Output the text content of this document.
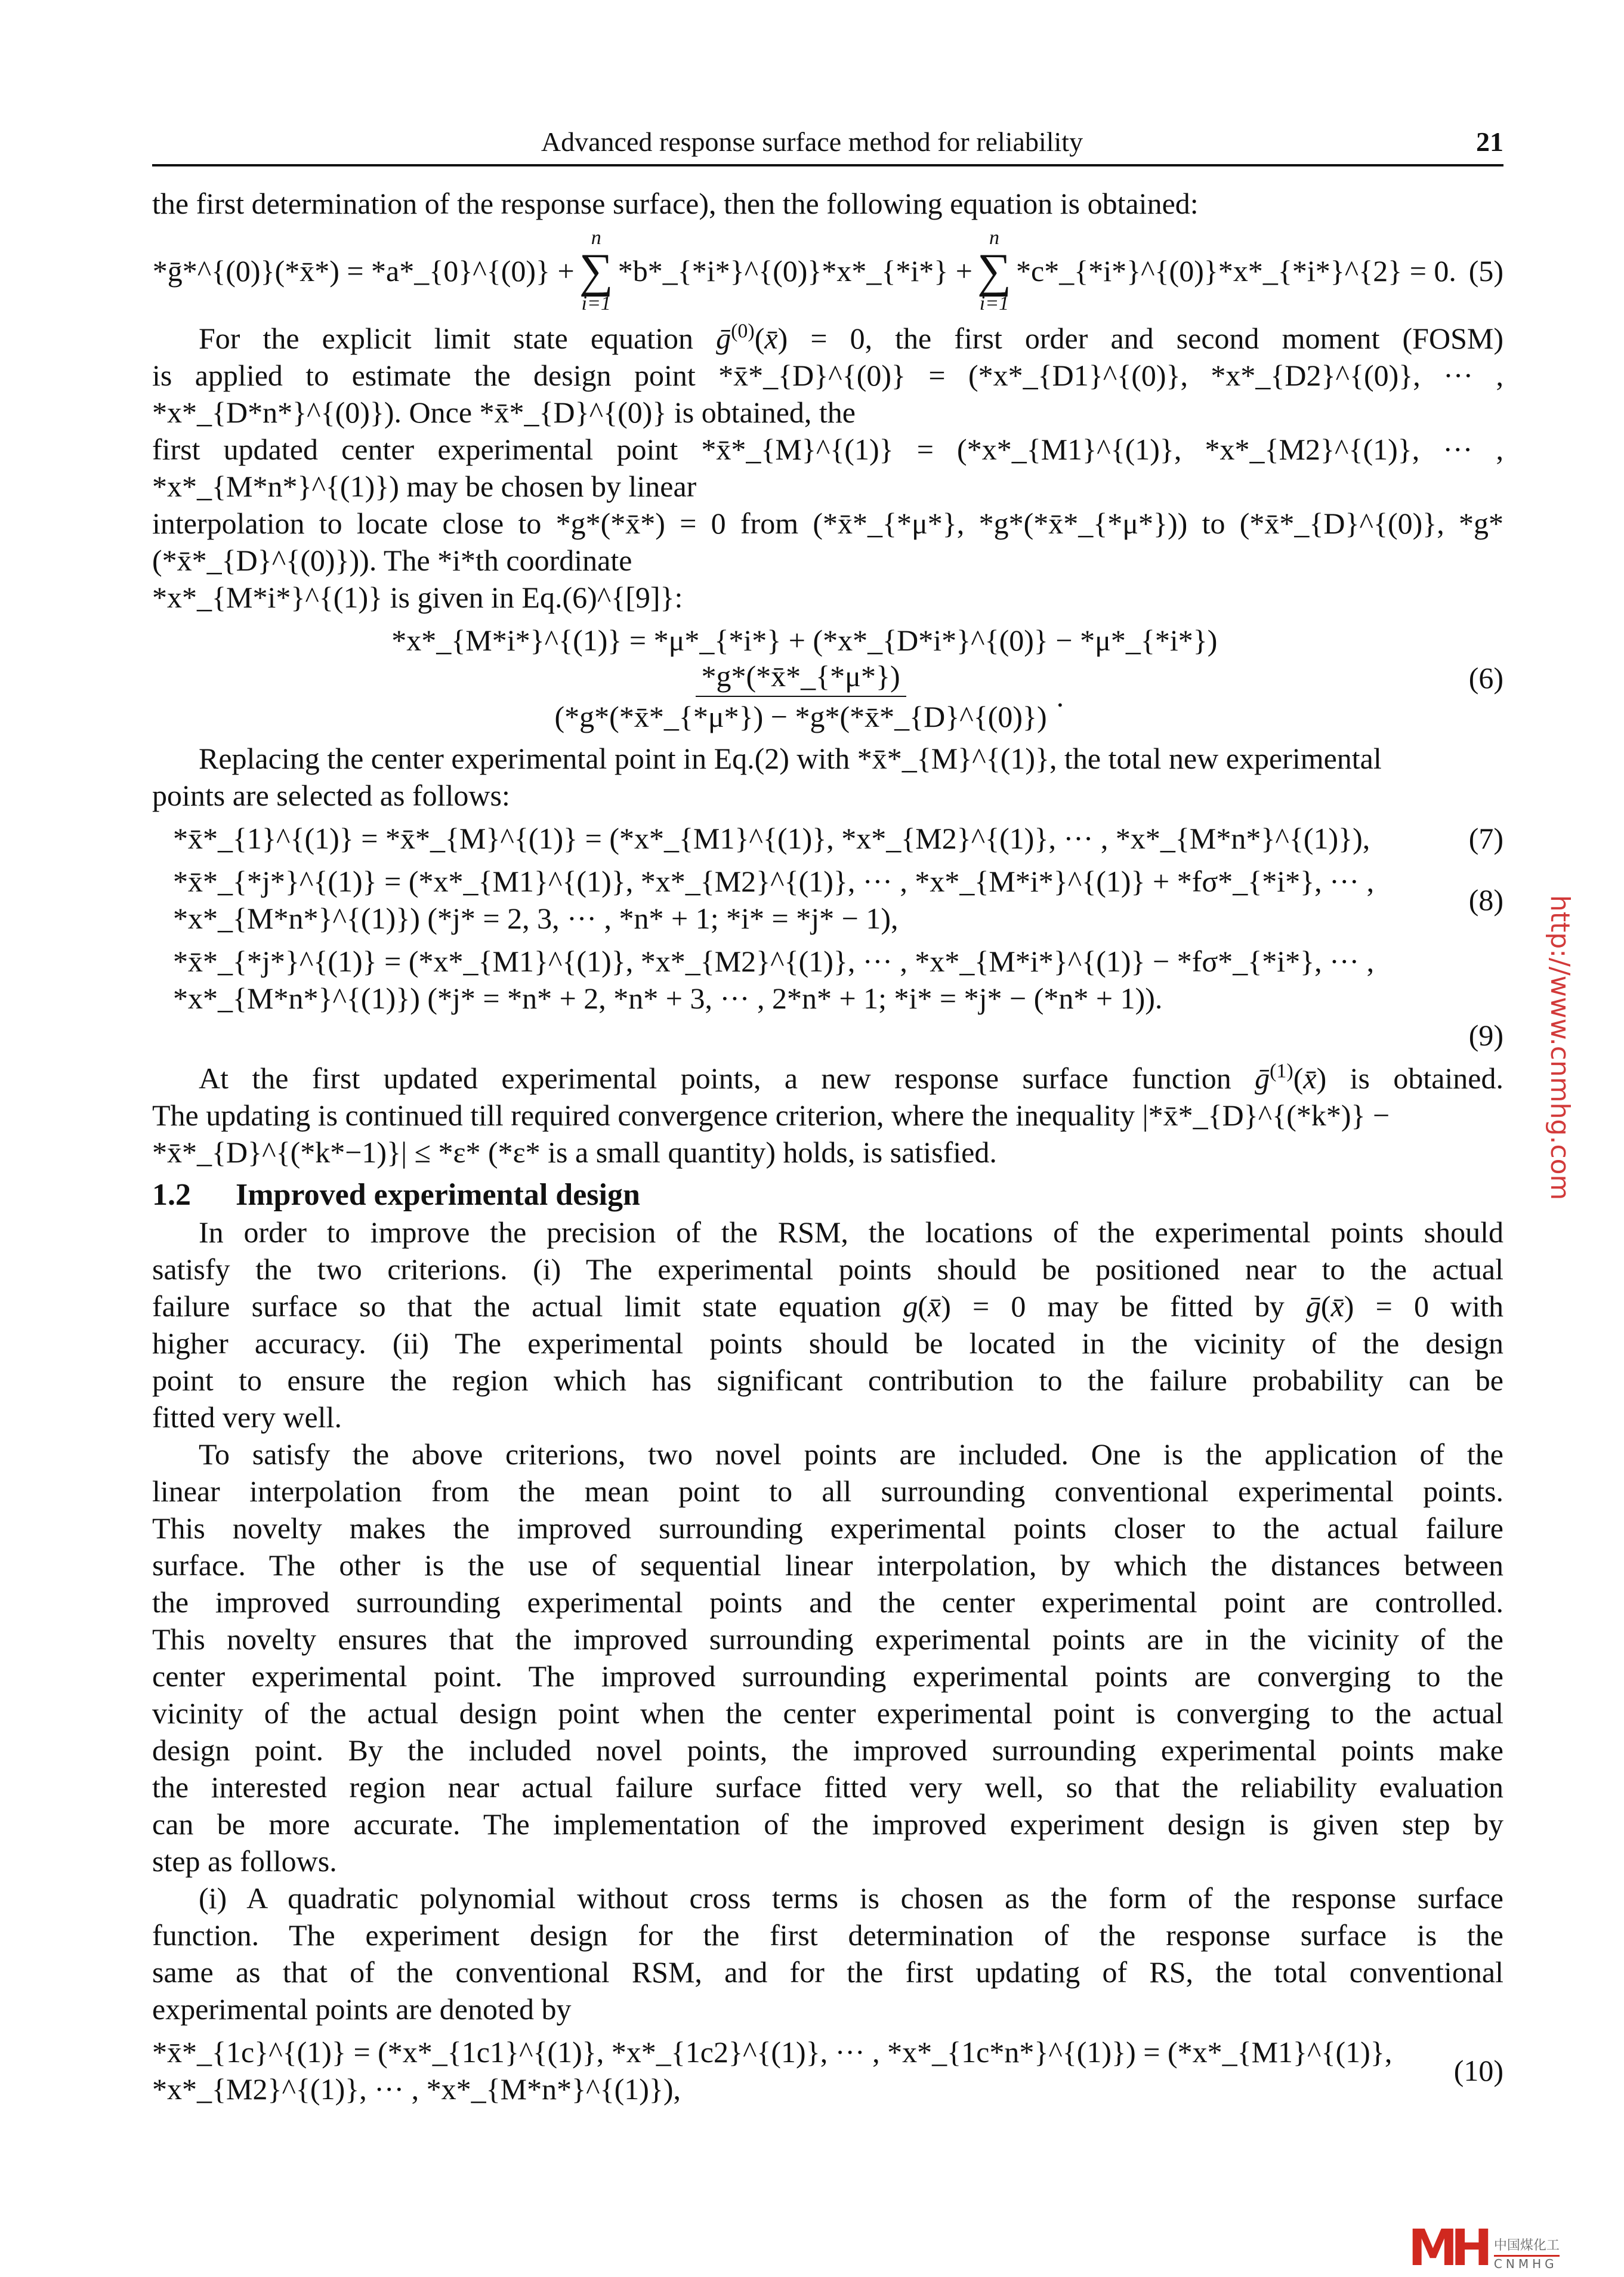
Advanced response surface method for reliability	21
the first determination of the response surface), then the following equation is obtained:
*ḡ*^{(0)}(*x̄*) = *a*_{0}^{(0)} +
n
∑
i=1
*b*_{*i*}^{(0)}*x*_{*i*} +
n
∑
i=1
*c*_{*i*}^{(0)}*x*_{*i*}^{2} = 0. (5)
For the explicit limit state equation ḡ$^{(0)}$(x̄) = 0, the first order and second moment (FOSM)
is applied to estimate the design point *x̄*_{D}^{(0)} = (*x*_{D1}^{(0)}, *x*_{D2}^{(0)}, ··· , *x*_{D*n*}^{(0)}). Once *x̄*_{D}^{(0)} is obtained, the
first updated center experimental point *x̄*_{M}^{(1)} = (*x*_{M1}^{(1)}, *x*_{M2}^{(1)}, ··· , *x*_{M*n*}^{(1)}) may be chosen by linear
interpolation to locate close to *g*(*x̄*) = 0 from (*x̄*_{*μ*}, *g*(*x̄*_{*μ*})) to (*x̄*_{D}^{(0)}, *g*(*x̄*_{D}^{(0)})). The *i*th coordinate
*x*_{M*i*}^{(1)} is given in Eq.(6)^{[9]}:
*x*_{M*i*}^{(1)} = *μ*_{*i*} + (*x*_{D*i*}^{(0)} − *μ*_{*i*})
$\frac{*g*(*x̄*\_\{*\mu*\})}{(*g*(*x̄*\_\{*\mu*\}) - *g*(*x̄*\_\{D\}\^{}\{(0)\})}$ .
(6)
Replacing the center experimental point in Eq.(2) with *x̄*_{M}^{(1)}, the total new experimental
points are selected as follows:
*x̄*_{1}^{(1)} = *x̄*_{M}^{(1)} = (*x*_{M1}^{(1)}, *x*_{M2}^{(1)}, ··· , *x*_{M*n*}^{(1)}),	(7)
*x̄*_{*j*}^{(1)} = (*x*_{M1}^{(1)}, *x*_{M2}^{(1)}, ··· , *x*_{M*i*}^{(1)} + *fσ*_{*i*}, ··· , *x*_{M*n*}^{(1)}) (*j* = 2, 3, ··· , *n* + 1; *i* = *j* − 1),
(8)
*x̄*_{*j*}^{(1)} = (*x*_{M1}^{(1)}, *x*_{M2}^{(1)}, ··· , *x*_{M*i*}^{(1)} − *fσ*_{*i*}, ··· , *x*_{M*n*}^{(1)}) (*j* = *n* + 2, *n* + 3, ··· , 2*n* + 1; *i* = *j* − (*n* + 1)).
(9)
At the first updated experimental points, a new response surface function ḡ$^{(1)}$(x̄) is obtained.
The updating is continued till required convergence criterion, where the inequality |*x̄*_{D}^{(*k*)} −
*x̄*_{D}^{(*k*−1)}| ≤ *ε* (*ε* is a small quantity) holds, is satisfied.
1.2 Improved experimental design
In order to improve the precision of the RSM, the locations of the experimental points should
satisfy the two criterions. (i) The experimental points should be positioned near to the actual
failure surface so that the actual limit state equation g(x̄) = 0 may be fitted by ḡ(x̄) = 0 with
higher accuracy. (ii) The experimental points should be located in the vicinity of the design
point to ensure the region which has significant contribution to the failure probability can be
fitted very well.
To satisfy the above criterions, two novel points are included. One is the application of the
linear interpolation from the mean point to all surrounding conventional experimental points.
This novelty makes the improved surrounding experimental points closer to the actual failure
surface. The other is the use of sequential linear interpolation, by which the distances between
the improved surrounding experimental points and the center experimental point are controlled.
This novelty ensures that the improved surrounding experimental points are in the vicinity of the
center experimental point. The improved surrounding experimental points are converging to the
vicinity of the actual design point when the center experimental point is converging to the actual
design point. By the included novel points, the improved surrounding experimental points make
the interested region near actual failure surface fitted very well, so that the reliability evaluation
can be more accurate. The implementation of the improved experiment design is given step by
step as follows.
(i) A quadratic polynomial without cross terms is chosen as the form of the response surface
function. The experiment design for the first determination of the response surface is the
same as that of the conventional RSM, and for the first updating of RS, the total conventional
experimental points are denoted by
*x̄*_{1c}^{(1)} = (*x*_{1c1}^{(1)}, *x*_{1c2}^{(1)}, ··· , *x*_{1c*n*}^{(1)}) = (*x*_{M1}^{(1)}, *x*_{M2}^{(1)}, ··· , *x*_{M*n*}^{(1)}),
(10)
http://www.cnmhg.com
MH 中国煤化工
CNMHG
